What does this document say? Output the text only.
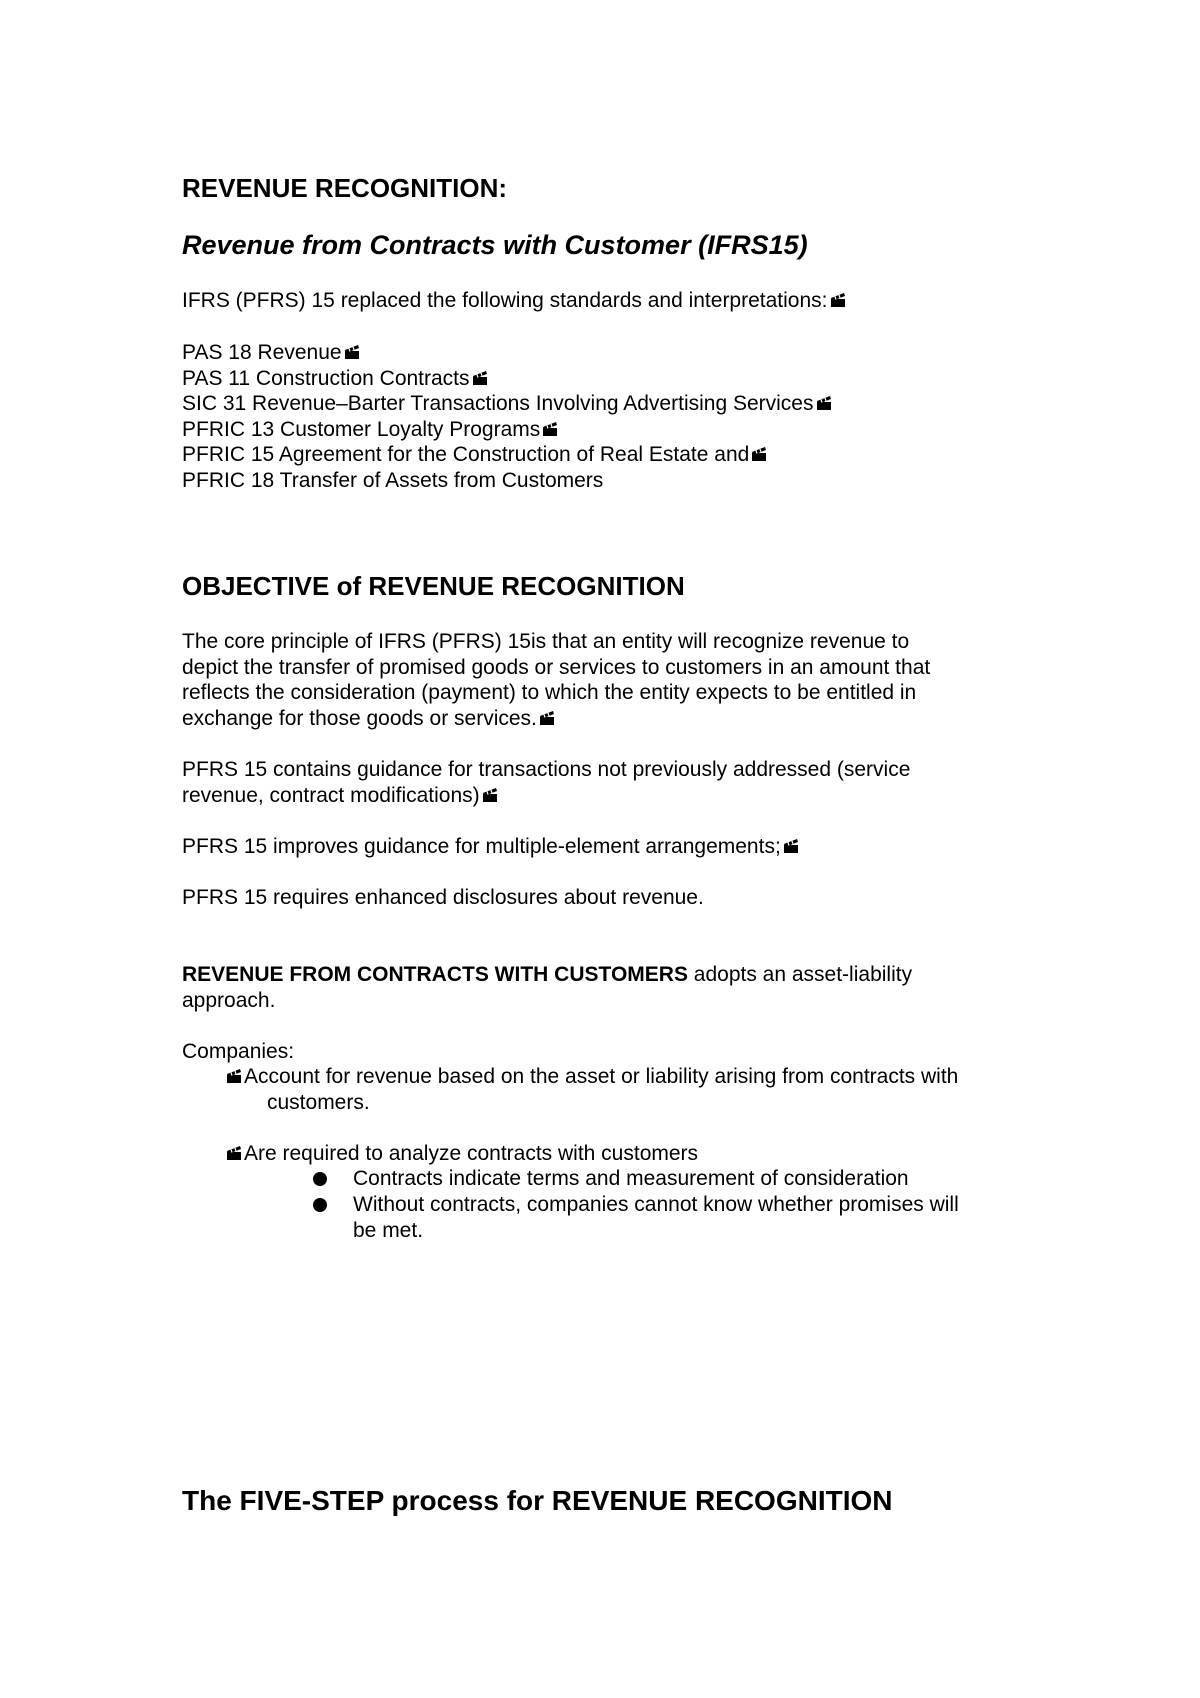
REVENUE RECOGNITION:
Revenue from Contracts with Customer (IFRS15)
IFRS (PFRS) 15 replaced the following standards and interpretations:
PAS 18 Revenue
PAS 11 Construction Contracts
SIC 31 Revenue–Barter Transactions Involving Advertising Services
PFRIC 13 Customer Loyalty Programs
PFRIC 15 Agreement for the Construction of Real Estate and
PFRIC 18 Transfer of Assets from Customers
OBJECTIVE of REVENUE RECOGNITION
The core principle of IFRS (PFRS) 15is that an entity will recognize revenue to
depict the transfer of promised goods or services to customers in an amount that
reflects the consideration (payment) to which the entity expects to be entitled in
exchange for those goods or services.
PFRS 15 contains guidance for transactions not previously addressed (service
revenue, contract modifications)
PFRS 15 improves guidance for multiple-element arrangements;
PFRS 15 requires enhanced disclosures about revenue.
REVENUE FROM CONTRACTS WITH CUSTOMERS adopts an asset-liability
approach.
Companies:
Account for revenue based on the asset or liability arising from contracts with
customers.
Are required to analyze contracts with customers
Contracts indicate terms and measurement of consideration
Without contracts, companies cannot know whether promises will
be met.
The FIVE-STEP process for REVENUE RECOGNITION
